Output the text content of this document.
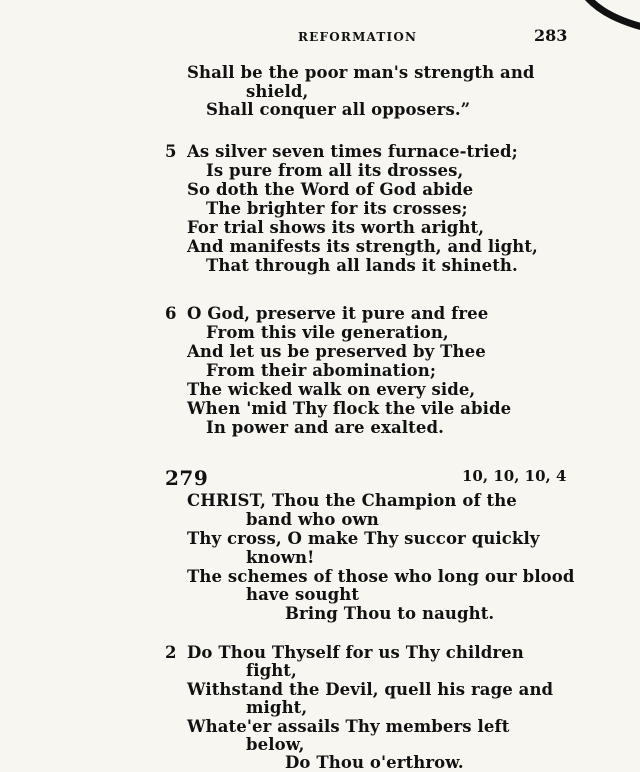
REFORMATION	283
Shall be the poor man's strength and
shield,
Shall conquer all opposers.”
5 As silver seven times furnace-tried;
Is pure from all its drosses,
So doth the Word of God abide
The brighter for its crosses;
For trial shows its worth aright,
And manifests its strength, and light,
That through all lands it shineth.
6 O God, preserve it pure and free
From this vile generation,
And let us be preserved by Thee
From their abomination;
The wicked walk on every side,
When 'mid Thy flock the vile abide
In power and are exalted.
279	10, 10, 10, 4
CHRIST, Thou the Champion of the
band who own
Thy cross, O make Thy succor quickly
known!
The schemes of those who long our blood
have sought
Bring Thou to naught.
2 Do Thou Thyself for us Thy children
fight,
Withstand the Devil, quell his rage and
might,
Whate'er assails Thy members left
below,
Do Thou o'erthrow.
